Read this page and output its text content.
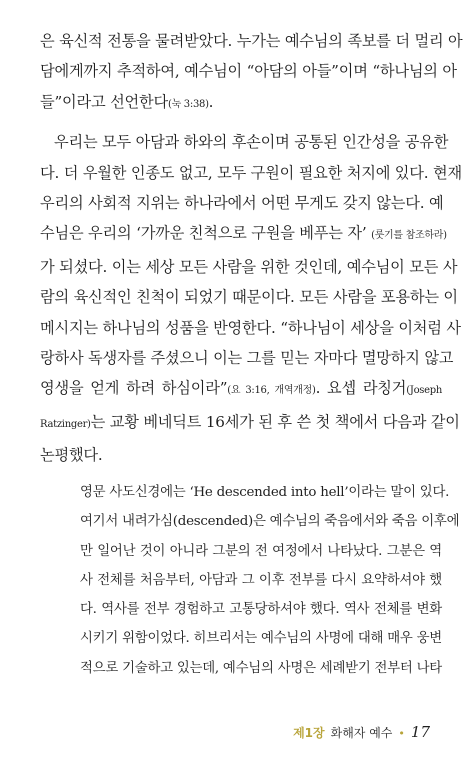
은 육신적 전통을 물려받았다. 누가는 예수님의 족보를 더 멀리 아
담에게까지 추적하여, 예수님이 “아담의 아들”이며 “하나님의 아
들”이라고 선언한다(눅 3:38).
우리는 모두 아담과 하와의 후손이며 공통된 인간성을 공유한
다. 더 우월한 인종도 없고, 모두 구원이 필요한 처지에 있다. 현재
우리의 사회적 지위는 하나라에서 어떤 무게도 갖지 않는다. 예
수님은 우리의 ‘가까운 친척으로 구원을 베푸는 자’ (룻기를 참조하라)
가 되셨다. 이는 세상 모든 사람을 위한 것인데, 예수님이 모든 사
람의 육신적인 친척이 되었기 때문이다. 모든 사람을 포용하는 이
메시지는 하나님의 성품을 반영한다. “하나님이 세상을 이처럼 사
랑하사 독생자를 주셨으니 이는 그를 믿는 자마다 멸망하지 않고
영생을 얻게 하려 하심이라”(요 3:16, 개역개정). 요셉 라칭거(Joseph
Ratzinger)는 교황 베네딕트 16세가 된 후 쓴 첫 책에서 다음과 같이
논평했다.
영문 사도신경에는 ‘He descended into hell’이라는 말이 있다.
여기서 내려가심(descended)은 예수님의 죽음에서와 죽음 이후에
만 일어난 것이 아니라 그분의 전 여정에서 나타났다. 그분은 역
사 전체를 처음부터, 아담과 그 이후 전부를 다시 요약하셔야 했
다. 역사를 전부 경험하고 고통당하셔야 했다. 역사 전체를 변화
시키기 위함이었다. 히브리서는 예수님의 사명에 대해 매우 웅변
적으로 기술하고 있는데, 예수님의 사명은 세례받기 전부터 나타
제1장 화해자 예수 • 17
